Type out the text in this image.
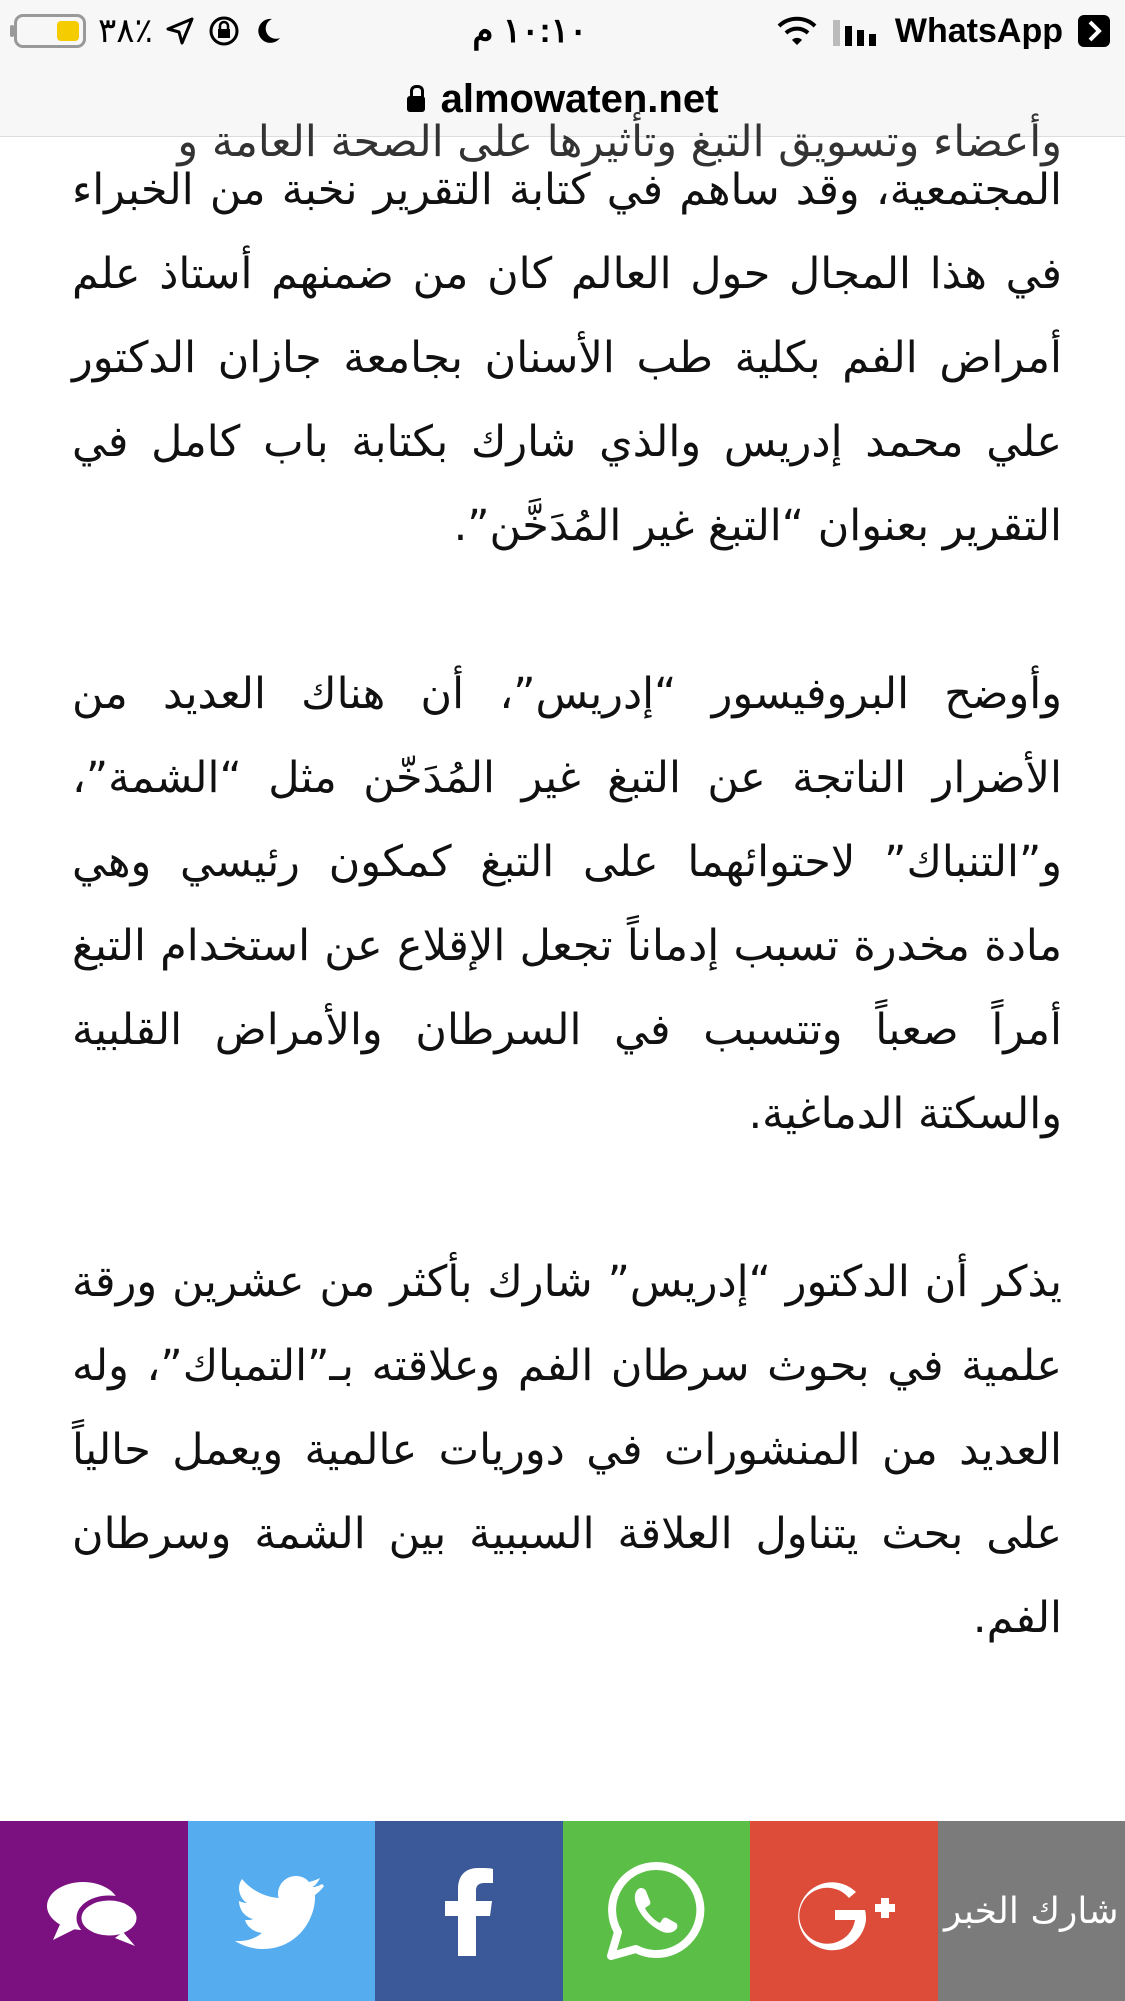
٣٨٪	١٠:١٠ م	WhatsApp
almowaten.net
وأعضاء وتسويق التبغ وتأثيرها على الصحة العامة و

المجتمعية، وقد ساهم في كتابة التقرير نخبة من الخبراء في هذا المجال حول العالم كان من ضمنهم أستاذ علم أمراض الفم بكلية طب الأسنان بجامعة جازان الدكتور علي محمد إدريس والذي شارك بكتابة باب كامل في التقرير بعنوان “التبغ غير المُدَخَّن”.

وأوضح البروفيسور “إدريس”، أن هناك العديد من الأضرار الناتجة عن التبغ غير المُدَخّن مثل “الشمة”، و”التنباك” لاحتوائهما على التبغ كمكون رئيسي وهي مادة مخدرة تسبب إدماناً تجعل الإقلاع عن استخدام التبغ أمراً صعباً وتتسبب في السرطان والأمراض القلبية والسكتة الدماغية.

يذكر أن الدكتور “إدريس” شارك بأكثر من عشرين ورقة علمية في بحوث سرطان الفم وعلاقته بـ”التمباك”، وله العديد من المنشورات في دوريات عالمية ويعمل حالياً على بحث يتناول العلاقة السببية بين الشمة وسرطان الفم.

شارك الخبر
